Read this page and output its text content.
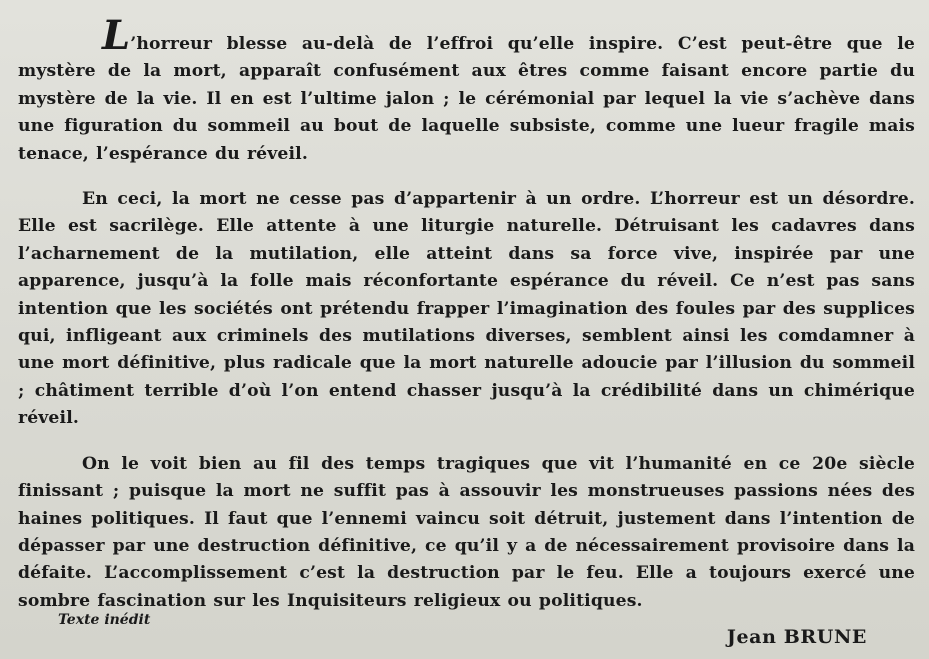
L’horreur blesse au-delà de l’effroi qu’elle inspire. C’est peut-être que le mystère de la mort, apparaît confusément aux êtres comme faisant encore partie du mystère de la vie. Il en est l’ultime jalon ; le cérémonial par lequel la vie s’achève dans une figuration du sommeil au bout de laquelle subsiste, comme une lueur fragile mais tenace, l’espérance du réveil.

En ceci, la mort ne cesse pas d’appartenir à un ordre. L’horreur est un désordre. Elle est sacrilège. Elle attente à une liturgie naturelle. Détruisant les cadavres dans l’acharnement de la mutilation, elle atteint dans sa force vive, inspirée par une apparence, jusqu’à la folle mais réconfortante espérance du réveil. Ce n’est pas sans intention que les sociétés ont prétendu frapper l’imagination des foules par des supplices qui, infligeant aux criminels des mutilations diverses, semblent ainsi les comdamner à une mort définitive, plus radicale que la mort naturelle adoucie par l’illusion du sommeil ; châtiment terrible d’où l’on entend chasser jusqu’à la crédibilité dans un chimérique réveil.

On le voit bien au fil des temps tragiques que vit l’humanité en ce 20e siècle finissant ; puisque la mort ne suffit pas à assouvir les monstrueuses passions nées des haines politiques. Il faut que l’ennemi vaincu soit détruit, justement dans l’intention de dépasser par une destruction définitive, ce qu’il y a de nécessairement provisoire dans la défaite. L’accomplissement c’est la destruction par le feu. Elle a toujours exercé une sombre fascination sur les Inquisiteurs religieux ou politiques.

Texte inédit
Jean BRUNE
